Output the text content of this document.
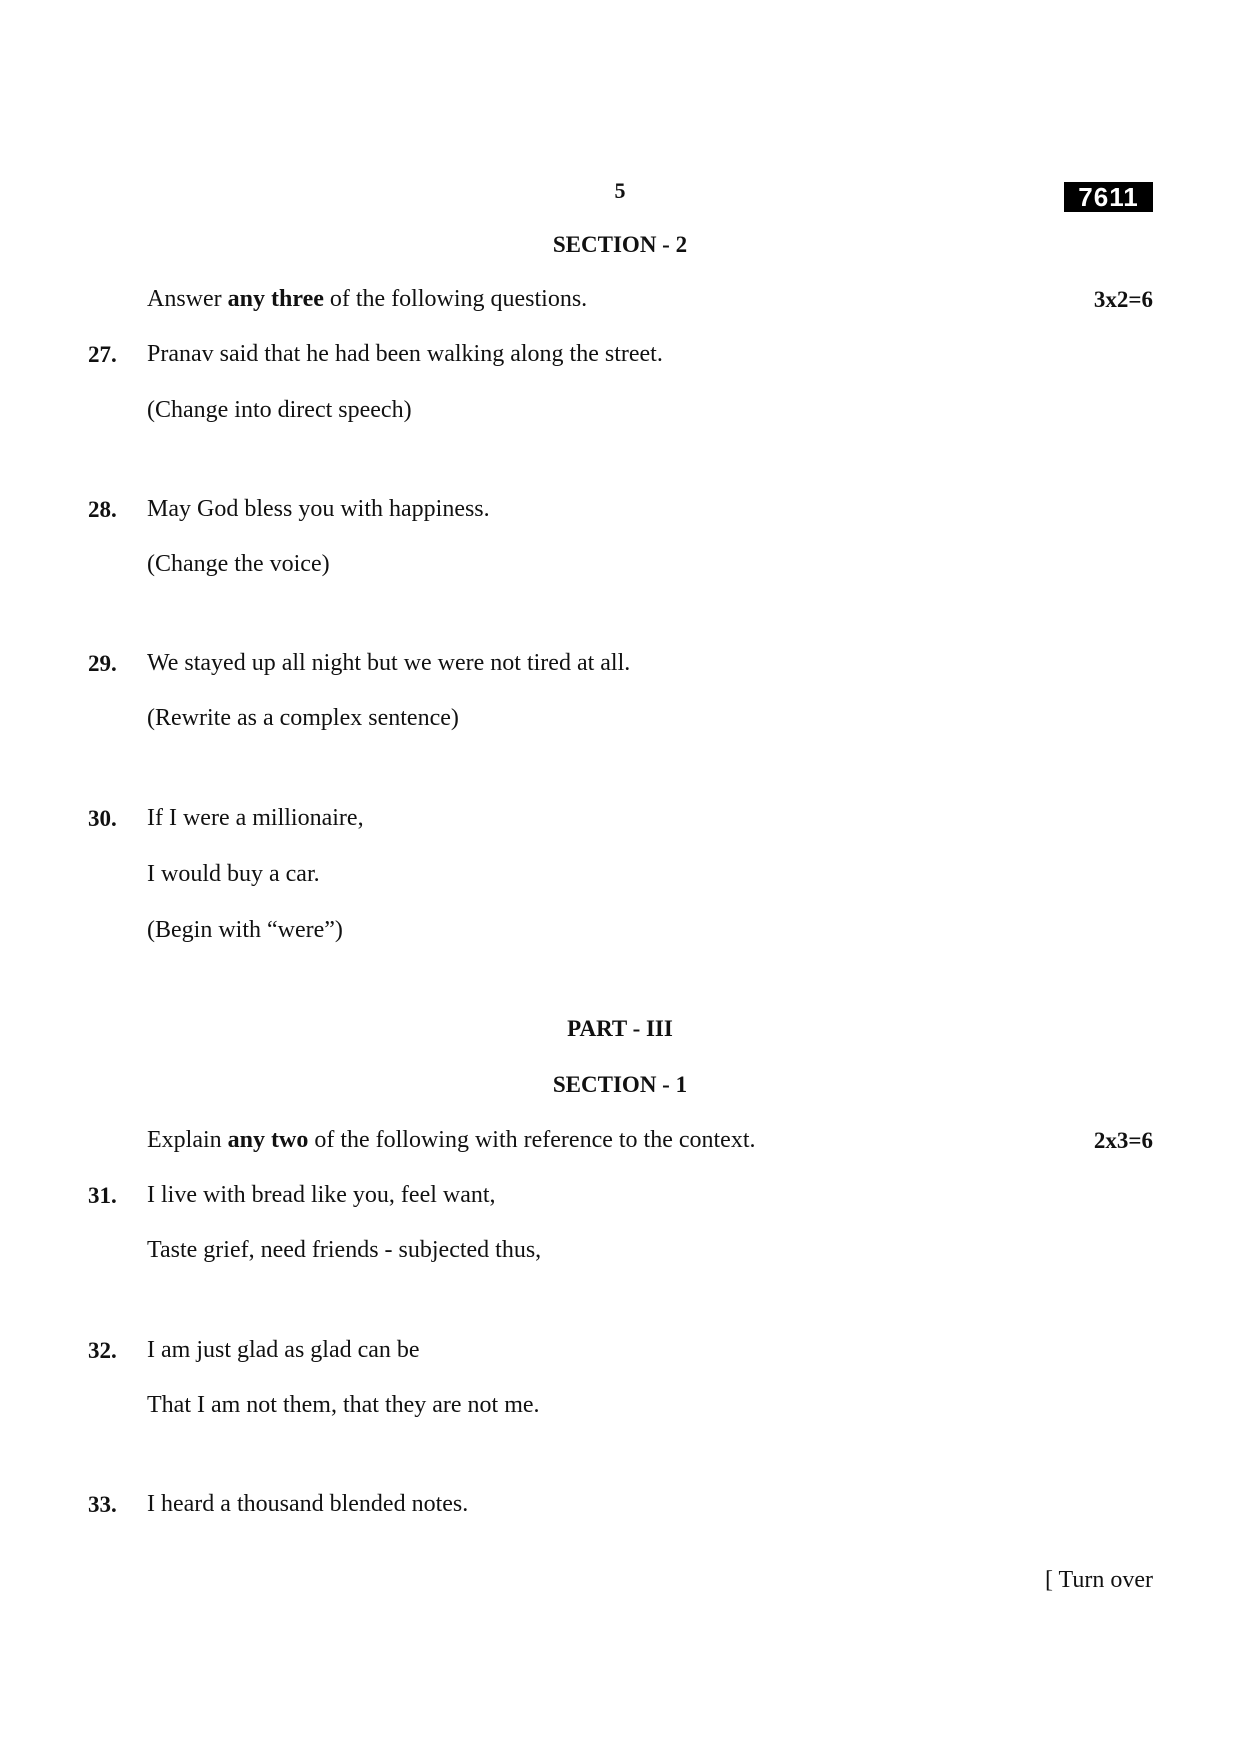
5	7611
SECTION - 2
Answer any three of the following questions.	3x2=6
27. Pranav said that he had been walking along the street.
(Change into direct speech)
28. May God bless you with happiness.
(Change the voice)
29. We stayed up all night but we were not tired at all.
(Rewrite as a complex sentence)
30. If I were a millionaire,
I would buy a car.
(Begin with “were”)
PART - III
SECTION - 1
Explain any two of the following with reference to the context.	2x3=6
31. I live with bread like you, feel want,
Taste grief, need friends - subjected thus,
32. I am just glad as glad can be
That I am not them, that they are not me.
33. I heard a thousand blended notes.
[ Turn over
